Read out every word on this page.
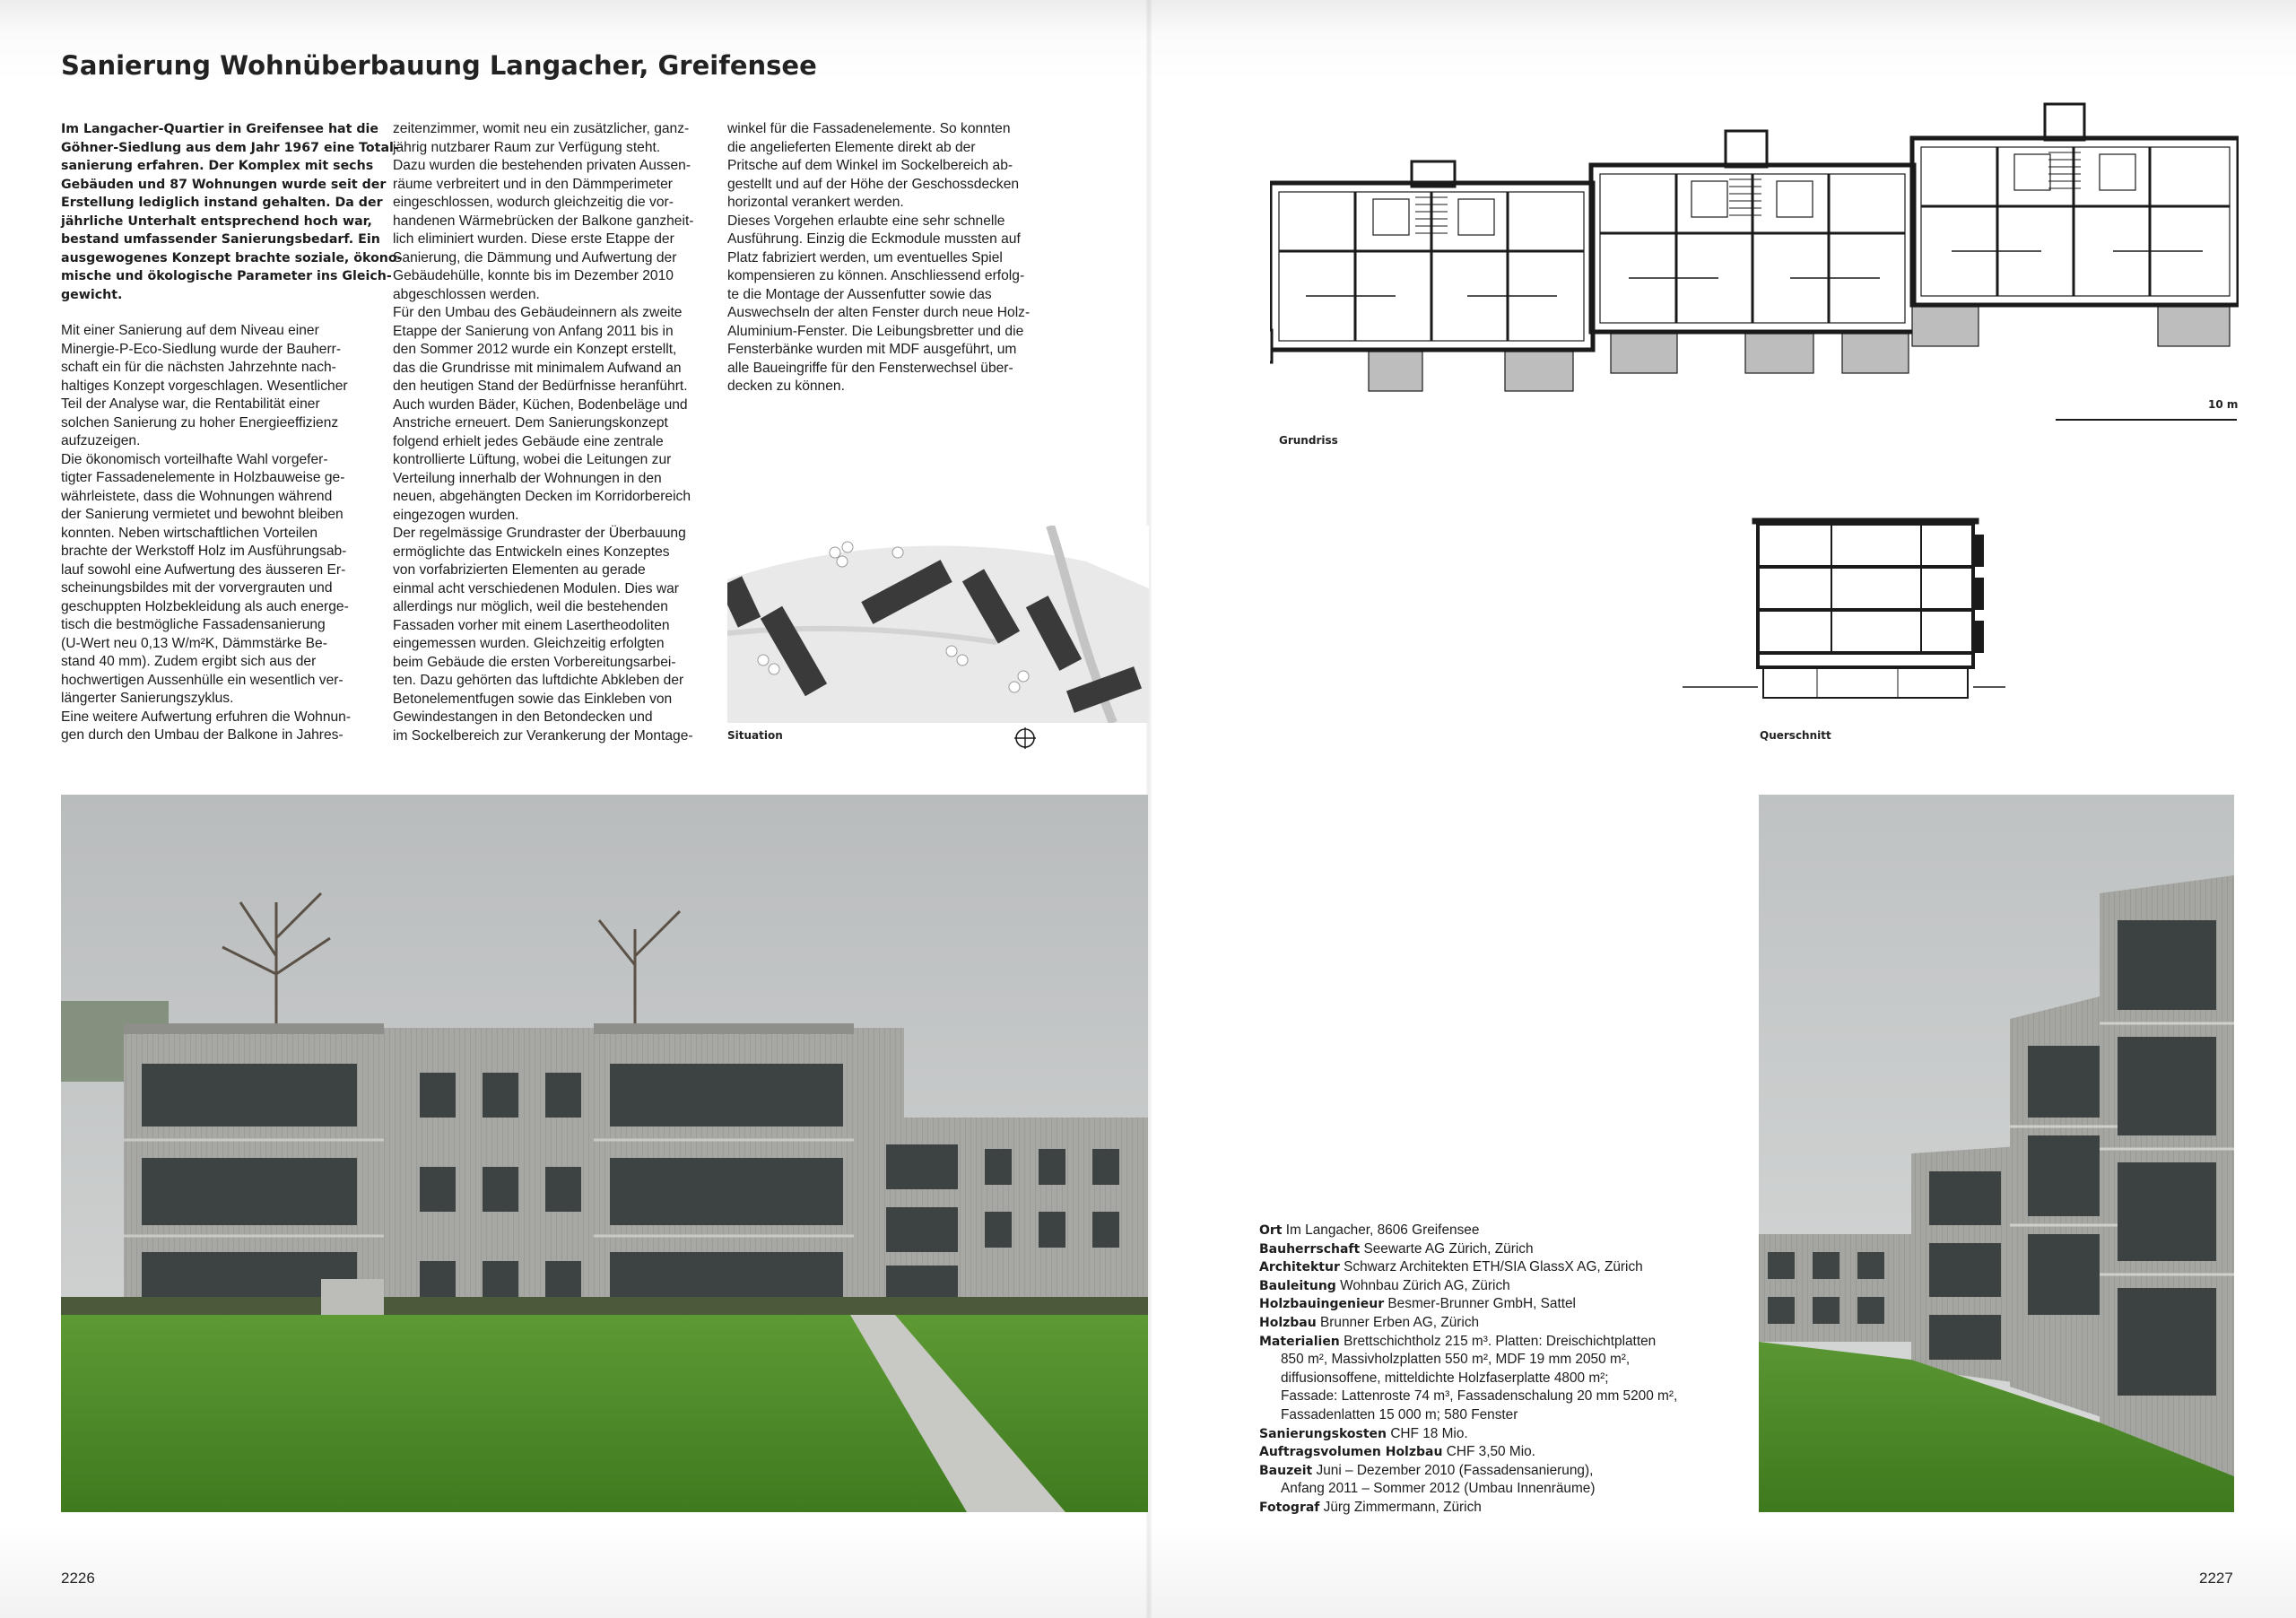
Sanierung Wohnüberbauung Langacher, Greifensee

Im Langacher-Quartier in Greifensee hat die

Göhner-Siedlung aus dem Jahr 1967 eine Total-

sanierung erfahren. Der Komplex mit sechs

Gebäuden und 87 Wohnungen wurde seit der

Erstellung lediglich instand gehalten. Da der

jährliche Unterhalt entsprechend hoch war,

bestand umfassender Sanierungsbedarf. Ein

ausgewogenes Konzept brachte soziale, ökono-

mische und ökologische Parameter ins Gleich-

gewicht.

Mit einer Sanierung auf dem Niveau einer

Minergie-P-Eco-Siedlung wurde der Bauherr-

schaft ein für die nächsten Jahrzehnte nach-

haltiges Konzept vorgeschlagen. Wesentlicher

Teil der Analyse war, die Rentabilität einer

solchen Sanierung zu hoher Energieeffizienz

aufzuzeigen.

Die ökonomisch vorteilhafte Wahl vorgefer-

tigter Fassadenelemente in Holzbauweise ge-

währleistete, dass die Wohnungen während

der Sanierung vermietet und bewohnt bleiben

konnten. Neben wirtschaftlichen Vorteilen

brachte der Werkstoff Holz im Ausführungsab-

lauf sowohl eine Aufwertung des äusseren Er-

scheinungsbildes mit der vorvergrauten und

geschuppten Holzbekleidung als auch energe-

tisch die bestmögliche Fassadensanierung

(U-Wert neu 0,13 W/m²K, Dämmstärke Be-

stand 40 mm). Zudem ergibt sich aus der

hochwertigen Aussenhülle ein wesentlich ver-

längerter Sanierungszyklus.

Eine weitere Aufwertung erfuhren die Wohnun-

gen durch den Umbau der Balkone in Jahres-

zeitenzimmer, womit neu ein zusätzlicher, ganz-

jährig nutzbarer Raum zur Verfügung steht.

Dazu wurden die bestehenden privaten Aussen-

räume verbreitert und in den Dämmperimeter

eingeschlossen, wodurch gleichzeitig die vor-

handenen Wärmebrücken der Balkone ganzheit-

lich eliminiert wurden. Diese erste Etappe der

Sanierung, die Dämmung und Aufwertung der

Gebäudehülle, konnte bis im Dezember 2010

abgeschlossen werden.

Für den Umbau des Gebäudeinnern als zweite

Etappe der Sanierung von Anfang 2011 bis in

den Sommer 2012 wurde ein Konzept erstellt,

das die Grundrisse mit minimalem Aufwand an

den heutigen Stand der Bedürfnisse heranführt.

Auch wurden Bäder, Küchen, Bodenbeläge und

Anstriche erneuert. Dem Sanierungskonzept

folgend erhielt jedes Gebäude eine zentrale

kontrollierte Lüftung, wobei die Leitungen zur

Verteilung innerhalb der Wohnungen in den

neuen, abgehängten Decken im Korridorbereich

eingezogen wurden.

Der regelmässige Grundraster der Überbauung

ermöglichte das Entwickeln eines Konzeptes

von vorfabrizierten Elementen au gerade

einmal acht verschiedenen Modulen. Dies war

allerdings nur möglich, weil die bestehenden

Fassaden vorher mit einem Lasertheodoliten

eingemessen wurden. Gleichzeitig erfolgten

beim Gebäude die ersten Vorbereitungsarbei-

ten. Dazu gehörten das luftdichte Abkleben der

Betonelementfugen sowie das Einkleben von

Gewindestangen in den Betondecken und

im Sockelbereich zur Verankerung der Montage-

winkel für die Fassadenelemente. So konnten

die angelieferten Elemente direkt ab der

Pritsche auf dem Winkel im Sockelbereich ab-

gestellt und auf der Höhe der Geschossdecken

horizontal verankert werden.

Dieses Vorgehen erlaubte eine sehr schnelle

Ausführung. Einzig die Eckmodule mussten auf

Platz fabriziert werden, um eventuelles Spiel

kompensieren zu können. Anschliessend erfolg-

te die Montage der Aussenfutter sowie das

Auswechseln der alten Fenster durch neue Holz-

Aluminium-Fenster. Die Leibungsbretter und die

Fensterbänke wurden mit MDF ausgeführt, um

alle Baueingriffe für den Fensterwechsel über-

decken zu können.

10 m
Grundriss
Situation	Querschnitt
Ort Im Langacher, 8606 Greifensee
Bauherrschaft Seewarte AG Zürich, Zürich
Architektur Schwarz Architekten ETH/SIA GlassX AG, Zürich
Bauleitung Wohnbau Zürich AG, Zürich
Holzbauingenieur Besmer-Brunner GmbH, Sattel
Holzbau Brunner Erben AG, Zürich
Materialien Brettschichtholz 215 m³. Platten: Dreischichtplatten
850 m², Massivholzplatten 550 m², MDF 19 mm 2050 m²,
diffusionsoffene, mitteldichte Holzfaserplatte 4800 m²;
Fassade: Lattenroste 74 m³, Fassadenschalung 20 mm 5200 m²,
Fassadenlatten 15 000 m; 580 Fenster
Sanierungskosten CHF 18 Mio.
Auftragsvolumen Holzbau CHF 3,50 Mio.
Bauzeit Juni – Dezember 2010 (Fassadensanierung),
Anfang 2011 – Sommer 2012 (Umbau Innenräume)
Fotograf Jürg Zimmermann, Zürich
2226	2227
